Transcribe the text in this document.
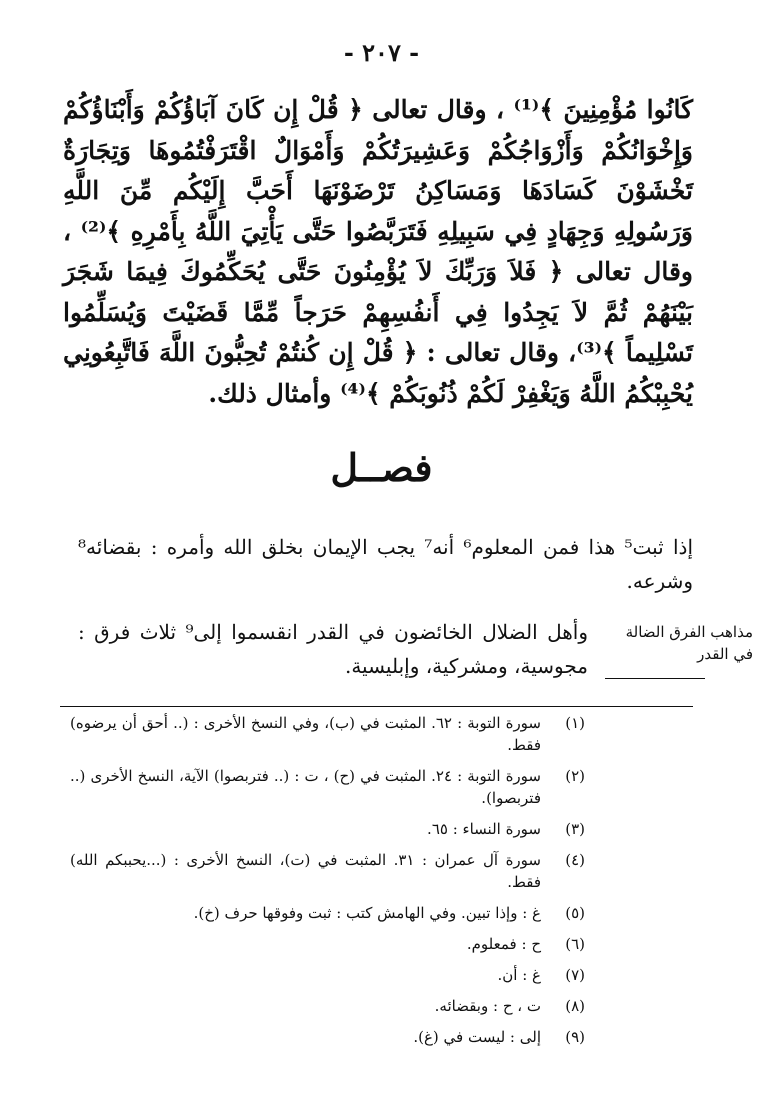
- ٢٠٧ -
كَانُوا مُؤْمِنِينَ ﴾⁽¹⁾ ، وقال تعالى ﴿ قُلْ إِن كَانَ آبَاؤُكُمْ وَأَبْنَاؤُكُمْ وَإِخْوَانُكُمْ وَأَزْوَاجُكُمْ وَعَشِيرَتُكُمْ وَأَمْوَالٌ اقْتَرَفْتُمُوهَا وَتِجَارَةٌ تَخْشَوْنَ كَسَادَهَا وَمَسَاكِنُ تَرْضَوْنَهَا أَحَبَّ إِلَيْكُم مِّنَ اللَّهِ وَرَسُولِهِ وَجِهَادٍ فِي سَبِيلِهِ فَتَرَبَّصُوا حَتَّى يَأْتِيَ اللَّهُ بِأَمْرِهِ ﴾⁽²⁾ ، وقال تعالى ﴿ فَلاَ وَرَبِّكَ لاَ يُؤْمِنُونَ حَتَّى يُحَكِّمُوكَ فِيمَا شَجَرَ بَيْنَهُمْ ثُمَّ لاَ يَجِدُوا فِي أَنفُسِهِمْ حَرَجاً مِّمَّا قَضَيْتَ وَيُسَلِّمُوا تَسْلِيماً ﴾⁽³⁾، وقال تعالى : ﴿ قُلْ إِن كُنتُمْ تُحِبُّونَ اللَّهَ فَاتَّبِعُونِي يُحْبِبْكُمُ اللَّهُ وَيَغْفِرْ لَكُمْ ذُنُوبَكُمْ ﴾⁽⁴⁾ وأمثال ذلك.
فصــل
إذا ثبت⁵ هذا فمن المعلوم⁶ أنه⁷ يجب الإيمان بخلق الله وأمره : بقضائه⁸ وشرعه.
وأهل الضلال الخائضون في القدر انقسموا إلى⁹ ثلاث فرق : مجوسية، ومشركية، وإبليسية.
مذاهب الفرق الضالة في القدر
(١)
سورة التوبة : ٦٢. المثبت في (ب)، وفي النسخ الأخرى : (.. أحق أن يرضوه) فقط.
(٢)
سورة التوبة : ٢٤. المثبت في (ح) ، ت : (.. فتربصوا) الآية، النسخ الأخرى (.. فتربصوا).
(٣)
سورة النساء : ٦٥.
(٤)
سورة آل عمران : ٣١. المثبت في (ت)، النسخ الأخرى : (...يحببكم الله) فقط.
(٥)
غ : وإذا تبين. وفي الهامش كتب : ثبت وفوقها حرف (خ).
(٦)
ح : فمعلوم.
(٧)
غ : أن.
(٨)
ت ، ح : وبقضائه.
(٩)
إلى : ليست في (غ).
